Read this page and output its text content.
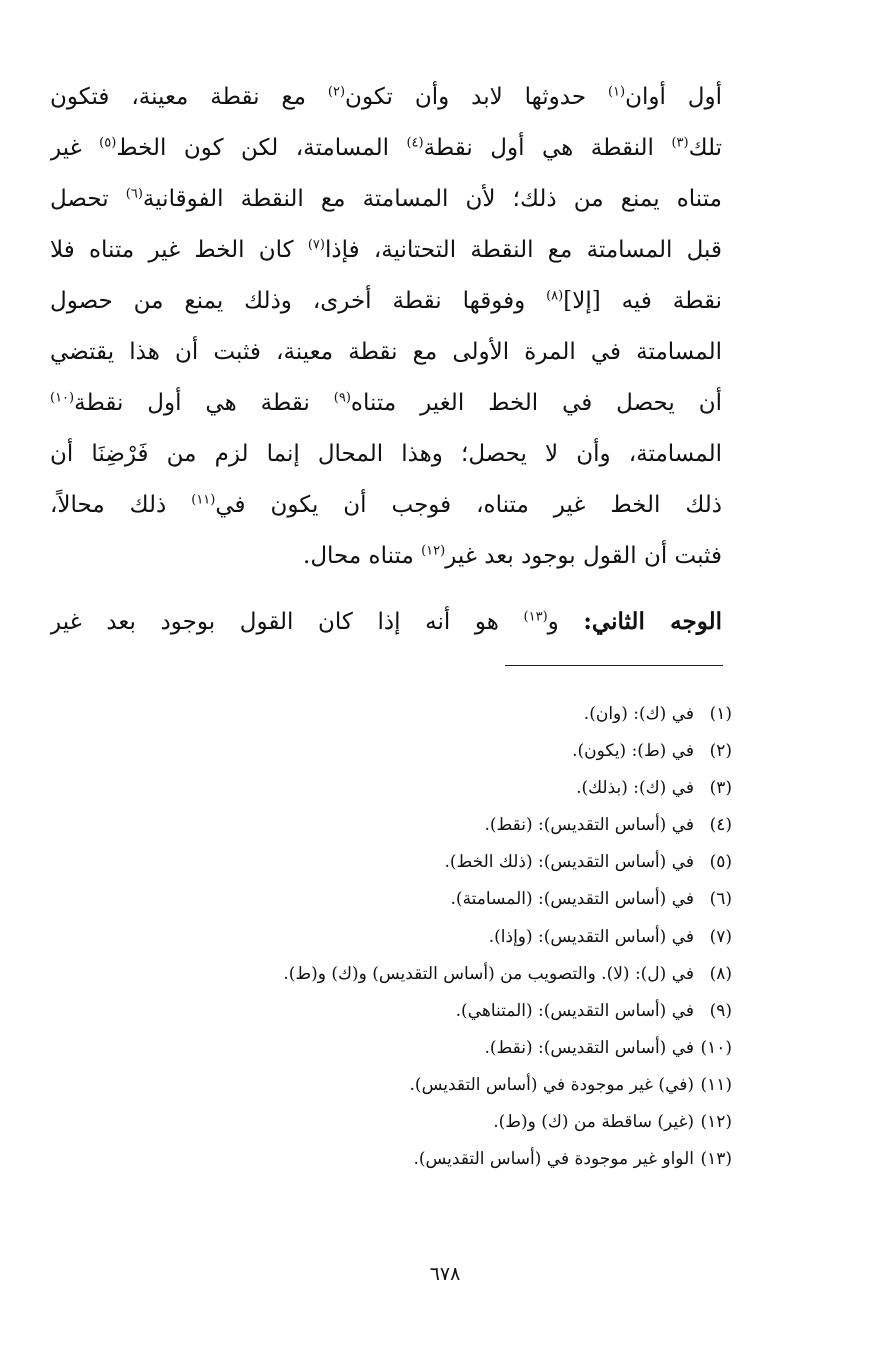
أول أوان$^{(١)}$ حدوثها لابد وأن تكون$^{(٢)}$ مع نقطة معينة، فتكون
تلك$^{(٣)}$ النقطة هي أول نقطة$^{(٤)}$ المسامتة، لكن كون الخط$^{(٥)}$ غير
متناه يمنع من ذلك؛ لأن المسامتة مع النقطة الفوقانية$^{(٦)}$ تحصل
قبل المسامتة مع النقطة التحتانية، فإذا$^{(٧)}$ كان الخط غير متناه فلا
نقطة فيه [إلا]$^{(٨)}$ وفوقها نقطة أخرى، وذلك يمنع من حصول
المسامتة في المرة الأولى مع نقطة معينة، فثبت أن هذا يقتضي
أن يحصل في الخط الغير متناه$^{(٩)}$ نقطة هي أول نقطة$^{(١٠)}$
المسامتة، وأن لا يحصل؛ وهذا المحال إنما لزم من فَرْضِنَا أن
ذلك الخط غير متناه، فوجب أن يكون في$^{(١١)}$ ذلك محالاً،
فثبت أن القول بوجود بعد غير$^{(١٢)}$ متناه محال.
الوجه الثاني: و$^{(١٣)}$ هو أنه إذا كان القول بوجود بعد غير
(١)في (ك): (وان).
(٢)في (ط): (يكون).
(٣)في (ك): (بذلك).
(٤)في (أساس التقديس): (نقط).
(٥)في (أساس التقديس): (ذلك الخط).
(٦)في (أساس التقديس): (المسامتة).
(٧)في (أساس التقديس): (وإذا).
(٨)في (ل): (لا). والتصويب من (أساس التقديس) و(ك) و(ط).
(٩)في (أساس التقديس): (المتناهي).
(١٠)في (أساس التقديس): (نقط).
(١١)(في) غير موجودة في (أساس التقديس).
(١٢)(غير) ساقطة من (ك) و(ط).
(١٣)الواو غير موجودة في (أساس التقديس).
٦٧٨
